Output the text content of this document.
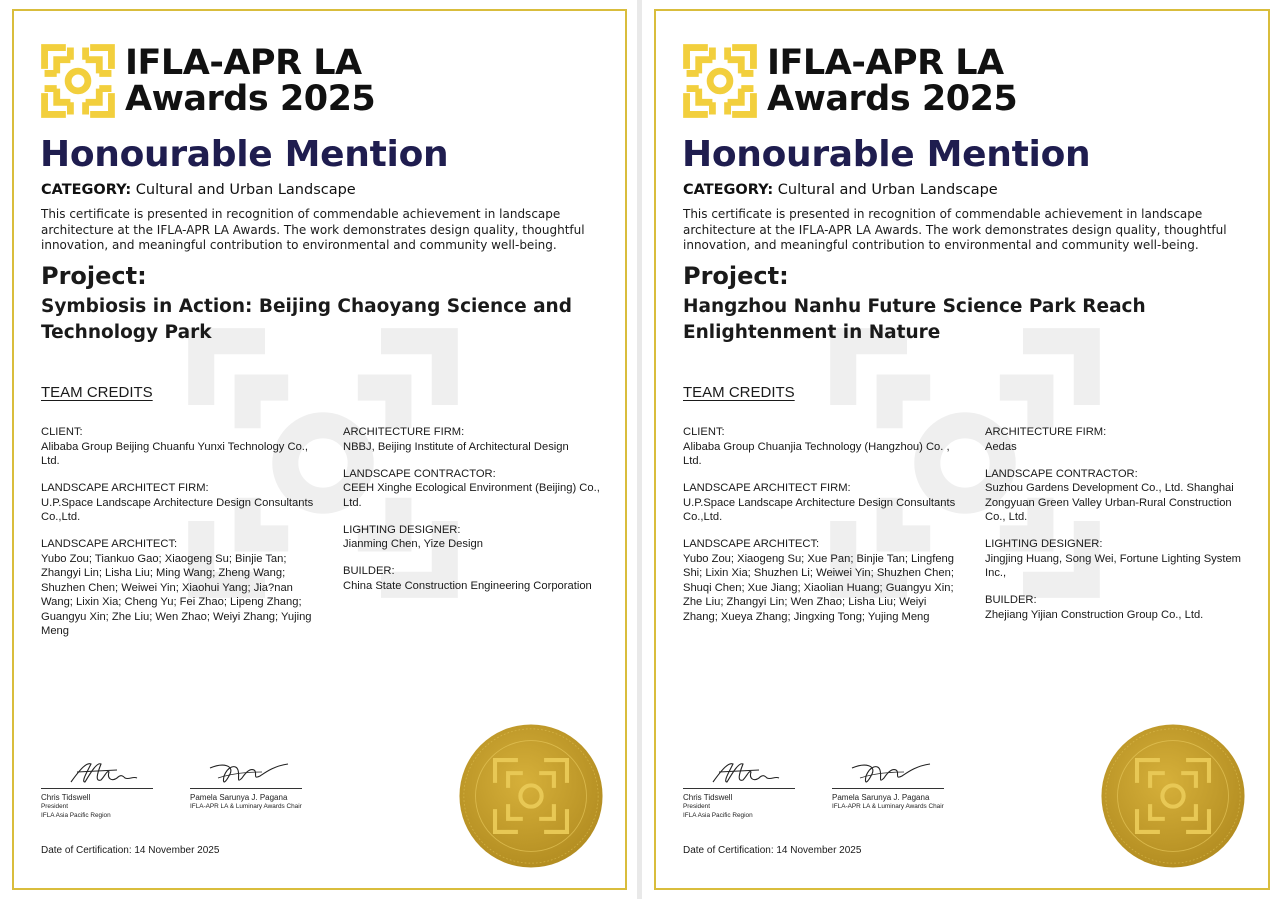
IFLA-APR LA
Awards 2025
Honourable Mention
CATEGORY: Cultural and Urban Landscape
This certificate is presented in recognition of commendable achievement in landscape architecture at the IFLA-APR LA Awards. The work demonstrates design quality, thoughtful innovation, and meaningful contribution to environmental and community well-being.
Project:
Symbiosis in Action: Beijing Chaoyang Science and Technology Park
TEAM CREDITS
CLIENT:
Alibaba Group Beijing Chuanfu Yunxi Technology Co., Ltd.
LANDSCAPE ARCHITECT FIRM:
U.P.Space Landscape Architecture Design Consultants Co.,Ltd.
LANDSCAPE ARCHITECT:
Yubo Zou; Tiankuo Gao; Xiaogeng Su; Binjie Tan; Zhangyi Lin; Lisha Liu; Ming Wang; Zheng Wang; Shuzhen Chen; Weiwei Yin; Xiaohui Yang; Jia?nan Wang; Lixin Xia; Cheng Yu; Fei Zhao; Lipeng Zhang; Guangyu Xin; Zhe Liu; Wen Zhao; Weiyi Zhang; Yujing Meng
ARCHITECTURE FIRM:
NBBJ, Beijing Institute of Architectural Design
LANDSCAPE CONTRACTOR:
CEEH Xinghe Ecological Environment (Beijing) Co., Ltd.
LIGHTING DESIGNER:
Jianming Chen, Yize Design
BUILDER:
China State Construction Engineering Corporation
Chris Tidswell
President
IFLA Asia Pacific Region
Pamela Sarunya J. Pagana
IFLA-APR LA & Luminary Awards Chair
Date of Certification: 14 November 2025
IFLA-APR LA
Awards 2025
Honourable Mention
CATEGORY: Cultural and Urban Landscape
This certificate is presented in recognition of commendable achievement in landscape architecture at the IFLA-APR LA Awards. The work demonstrates design quality, thoughtful innovation, and meaningful contribution to environmental and community well-being.
Project:
Hangzhou Nanhu Future Science Park Reach Enlightenment in Nature
TEAM CREDITS
CLIENT:
Alibaba Group Chuanjia Technology (Hangzhou) Co. , Ltd.
LANDSCAPE ARCHITECT FIRM:
U.P.Space Landscape Architecture Design Consultants Co.,Ltd.
LANDSCAPE ARCHITECT:
Yubo Zou; Xiaogeng Su; Xue Pan; Binjie Tan; Lingfeng Shi; Lixin Xia; Shuzhen Li; Weiwei Yin; Shuzhen Chen; Shuqi Chen; Xue Jiang; Xiaolian Huang; Guangyu Xin; Zhe Liu; Zhangyi Lin; Wen Zhao; Lisha Liu; Weiyi Zhang; Xueya Zhang; Jingxing Tong; Yujing Meng
ARCHITECTURE FIRM:
Aedas
LANDSCAPE CONTRACTOR:
Suzhou Gardens Development Co., Ltd. Shanghai Zongyuan Green Valley Urban-Rural Construction Co., Ltd.
LIGHTING DESIGNER:
Jingjing Huang, Song Wei, Fortune Lighting System Inc.,
BUILDER:
Zhejiang Yijian Construction Group Co., Ltd.
Chris Tidswell
President
IFLA Asia Pacific Region
Pamela Sarunya J. Pagana
IFLA-APR LA & Luminary Awards Chair
Date of Certification: 14 November 2025
